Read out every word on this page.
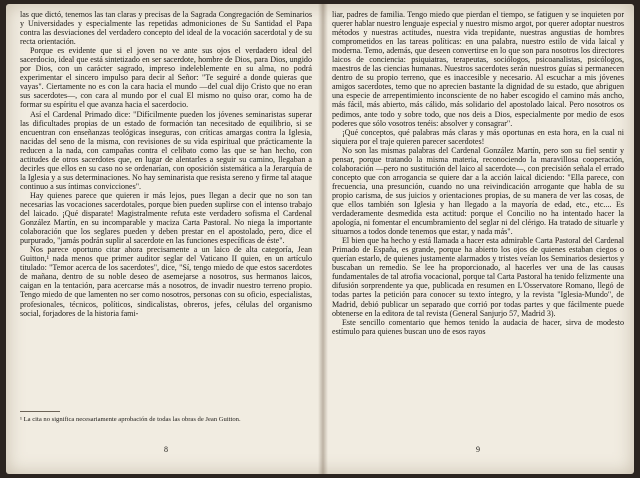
las que dictó, tenemos las tan claras y precisas de la Sagrada Congregación de Seminarios y Universidades y especialmente las repetidas admoniciones de Su Santidad el Papa contra las desviaciones del verdadero concepto del ideal de la vocación sacerdotal y de su recta orientación.

Porque es evidente que si el joven no ve ante sus ojos el verdadero ideal del sacerdocio, ideal que está sintetizado en ser sacerdote, hombre de Dios, para Dios, ungido por Dios, con un carácter sagrado, impreso indeleblemente en su alma, no podrá experimentar el sincero impulso para decir al Señor: "Te seguiré a donde quieras que vayas". Ciertamente no es con la cara hacia el mundo —del cual dijo Cristo que no eran sus sacerdotes—, con cara al mundo por el cual El mismo no quiso orar, como ha de formar su espíritu el que avanza hacia el sacerdocio.

Así el Cardenal Primado dice: "Difícilmente pueden los jóvenes seminaristas superar las dificultades propias de un estado de formación tan necesitado de equilibrio, si se encuentran con enseñanzas teológicas inseguras, con críticas amargas contra la Iglesia, nacidas del seno de la misma, con revisiones de su vida espiritual que prácticamente la reducen a la nada, con campañas contra el celibato como las que se han hecho, con actitudes de otros sacerdotes que, en lugar de alentarles a seguir su camino, llegaban a decirles que ellos en su caso no se ordenarían, con oposición sistemática a la Jerarquía de la Iglesia y a sus determinaciones. No hay seminarista que resista sereno y firme tal ataque continuo a sus íntimas convicciones".

Hay quienes parece que quieren ir más lejos, pues llegan a decir que no son tan necesarias las vocaciones sacerdotales, porque bien pueden suplirse con el intenso trabajo del laicado. ¡Qué disparate! Magistralmente refuta este verdadero sofisma el Cardenal González Martín, en su incomparable y maciza Carta Pastoral. No niega la importante colaboración que los seglares pueden y deben prestar en el apostolado, pero, dice el purpurado, "jamás podrán suplir al sacerdote en las funciones específicas de éste".

Nos parece oportuno citar ahora precisamente a un laico de alta categoría, Jean Guitton,¹ nada menos que primer auditor seglar del Vaticano II quien, en un artículo titulado: "Temor acerca de los sacerdotes", dice, "Sí, tengo miedo de que estos sacerdotes de mañana, dentro de su noble deseo de asemejarse a nosotros, sus hermanos laicos, caigan en la tentación, para acercarse más a nosotros, de invadir nuestro terreno propio. Tengo miedo de que lamenten no ser como nosotros, personas con su oficio, especialistas, profesionales, técnicos, políticos, sindicalistas, obreros, jefes, células del organismo social, forjadores de la historia fami-

¹ La cita no significa necesariamente aprobación de todas las obras de Jean Guitton.
8

liar, padres de familia. Tengo miedo que pierdan el tiempo, se fatiguen y se inquieten por querer hablar nuestro lenguaje especial y nuestro mismo argot, por querer adoptar nuestros métodos y nuestras actitudes, nuestra vida trepidante, nuestras angustias de hombres comprometidos en las tareas políticas: en una palabra, nuestro estilo de vida laical y moderna. Temo, además, que deseen convertirse en lo que son para nosotros los directores laicos de conciencia: psiquiatras, terapeutas, sociólogos, psicoanalistas, psicólogos, maestros de las ciencias humanas. Nuestros sacerdotes serán nuestros guías si permanecen dentro de su propio terreno, que es inaccesible y necesario. Al escuchar a mis jóvenes amigos sacerdotes, temo que no aprecien bastante la dignidad de su estado, que abriguen una especie de arrepentimiento inconsciente de no haber escogido el camino más ancho, más fácil, más abierto, más cálido, más solidario del apostolado laical. Pero nosotros os pedimos, ante todo y sobre todo, que nos deis a Dios, especialmente por medio de esos poderes que sólo vosotros tenéis: absolver y consagrar".

¡Qué conceptos, qué palabras más claras y más oportunas en esta hora, en la cual ni siquiera por el traje quieren parecer sacerdotes!

No son las mismas palabras del Cardenal González Martín, pero son su fiel sentir y pensar, porque tratando la misma materia, reconociendo la maravillosa cooperación, colaboración —pero no sustitución del laico al sacerdote—, con precisión señala el errado concepto que con arrogancia se quiere dar a la acción laical diciendo: "Ella parece, con frecuencia, una presunción, cuando no una reivindicación arrogante que habla de su propio carisma, de sus juicios y orientaciones propias, de su manera de ver las cosas, de que ellos también son Iglesia y han llegado a la mayoría de edad, etc., etc.... Es verdaderamente desmedida esta actitud: porque el Concilio no ha intentado hacer la apología, ni fomentar el encumbramiento del seglar ni del clérigo. Ha tratado de situarle y situarnos a todos donde tenemos que estar, y nada más".

El bien que ha hecho y está llamada a hacer esta admirable Carta Pastoral del Cardenal Primado de España, es grande, porque ha abierto los ojos de quienes estaban ciegos o querían estarlo, de quienes justamente alarmados y tristes veían los Seminarios desiertos y buscaban un remedio. Se lee ha proporcionado, al hacerles ver una de las causas fundamentales de tal atrofia vocacional, porque tal Carta Pastoral ha tenido felizmente una difusión sorprendente ya que, publicada en resumen en L'Osservatore Romano, llegó de todas partes la petición para conocer su texto íntegro, y la revista "Iglesia-Mundo", de Madrid, debió publicar un separado que corrió por todas partes y que fácilmente puede obtenerse en la editora de tal revista (General Sanjurjo 57, Madrid 3).

Este sencillo comentario que hemos tenido la audacia de hacer, sirva de modesto estímulo para quienes buscan uno de esos rayos

9
